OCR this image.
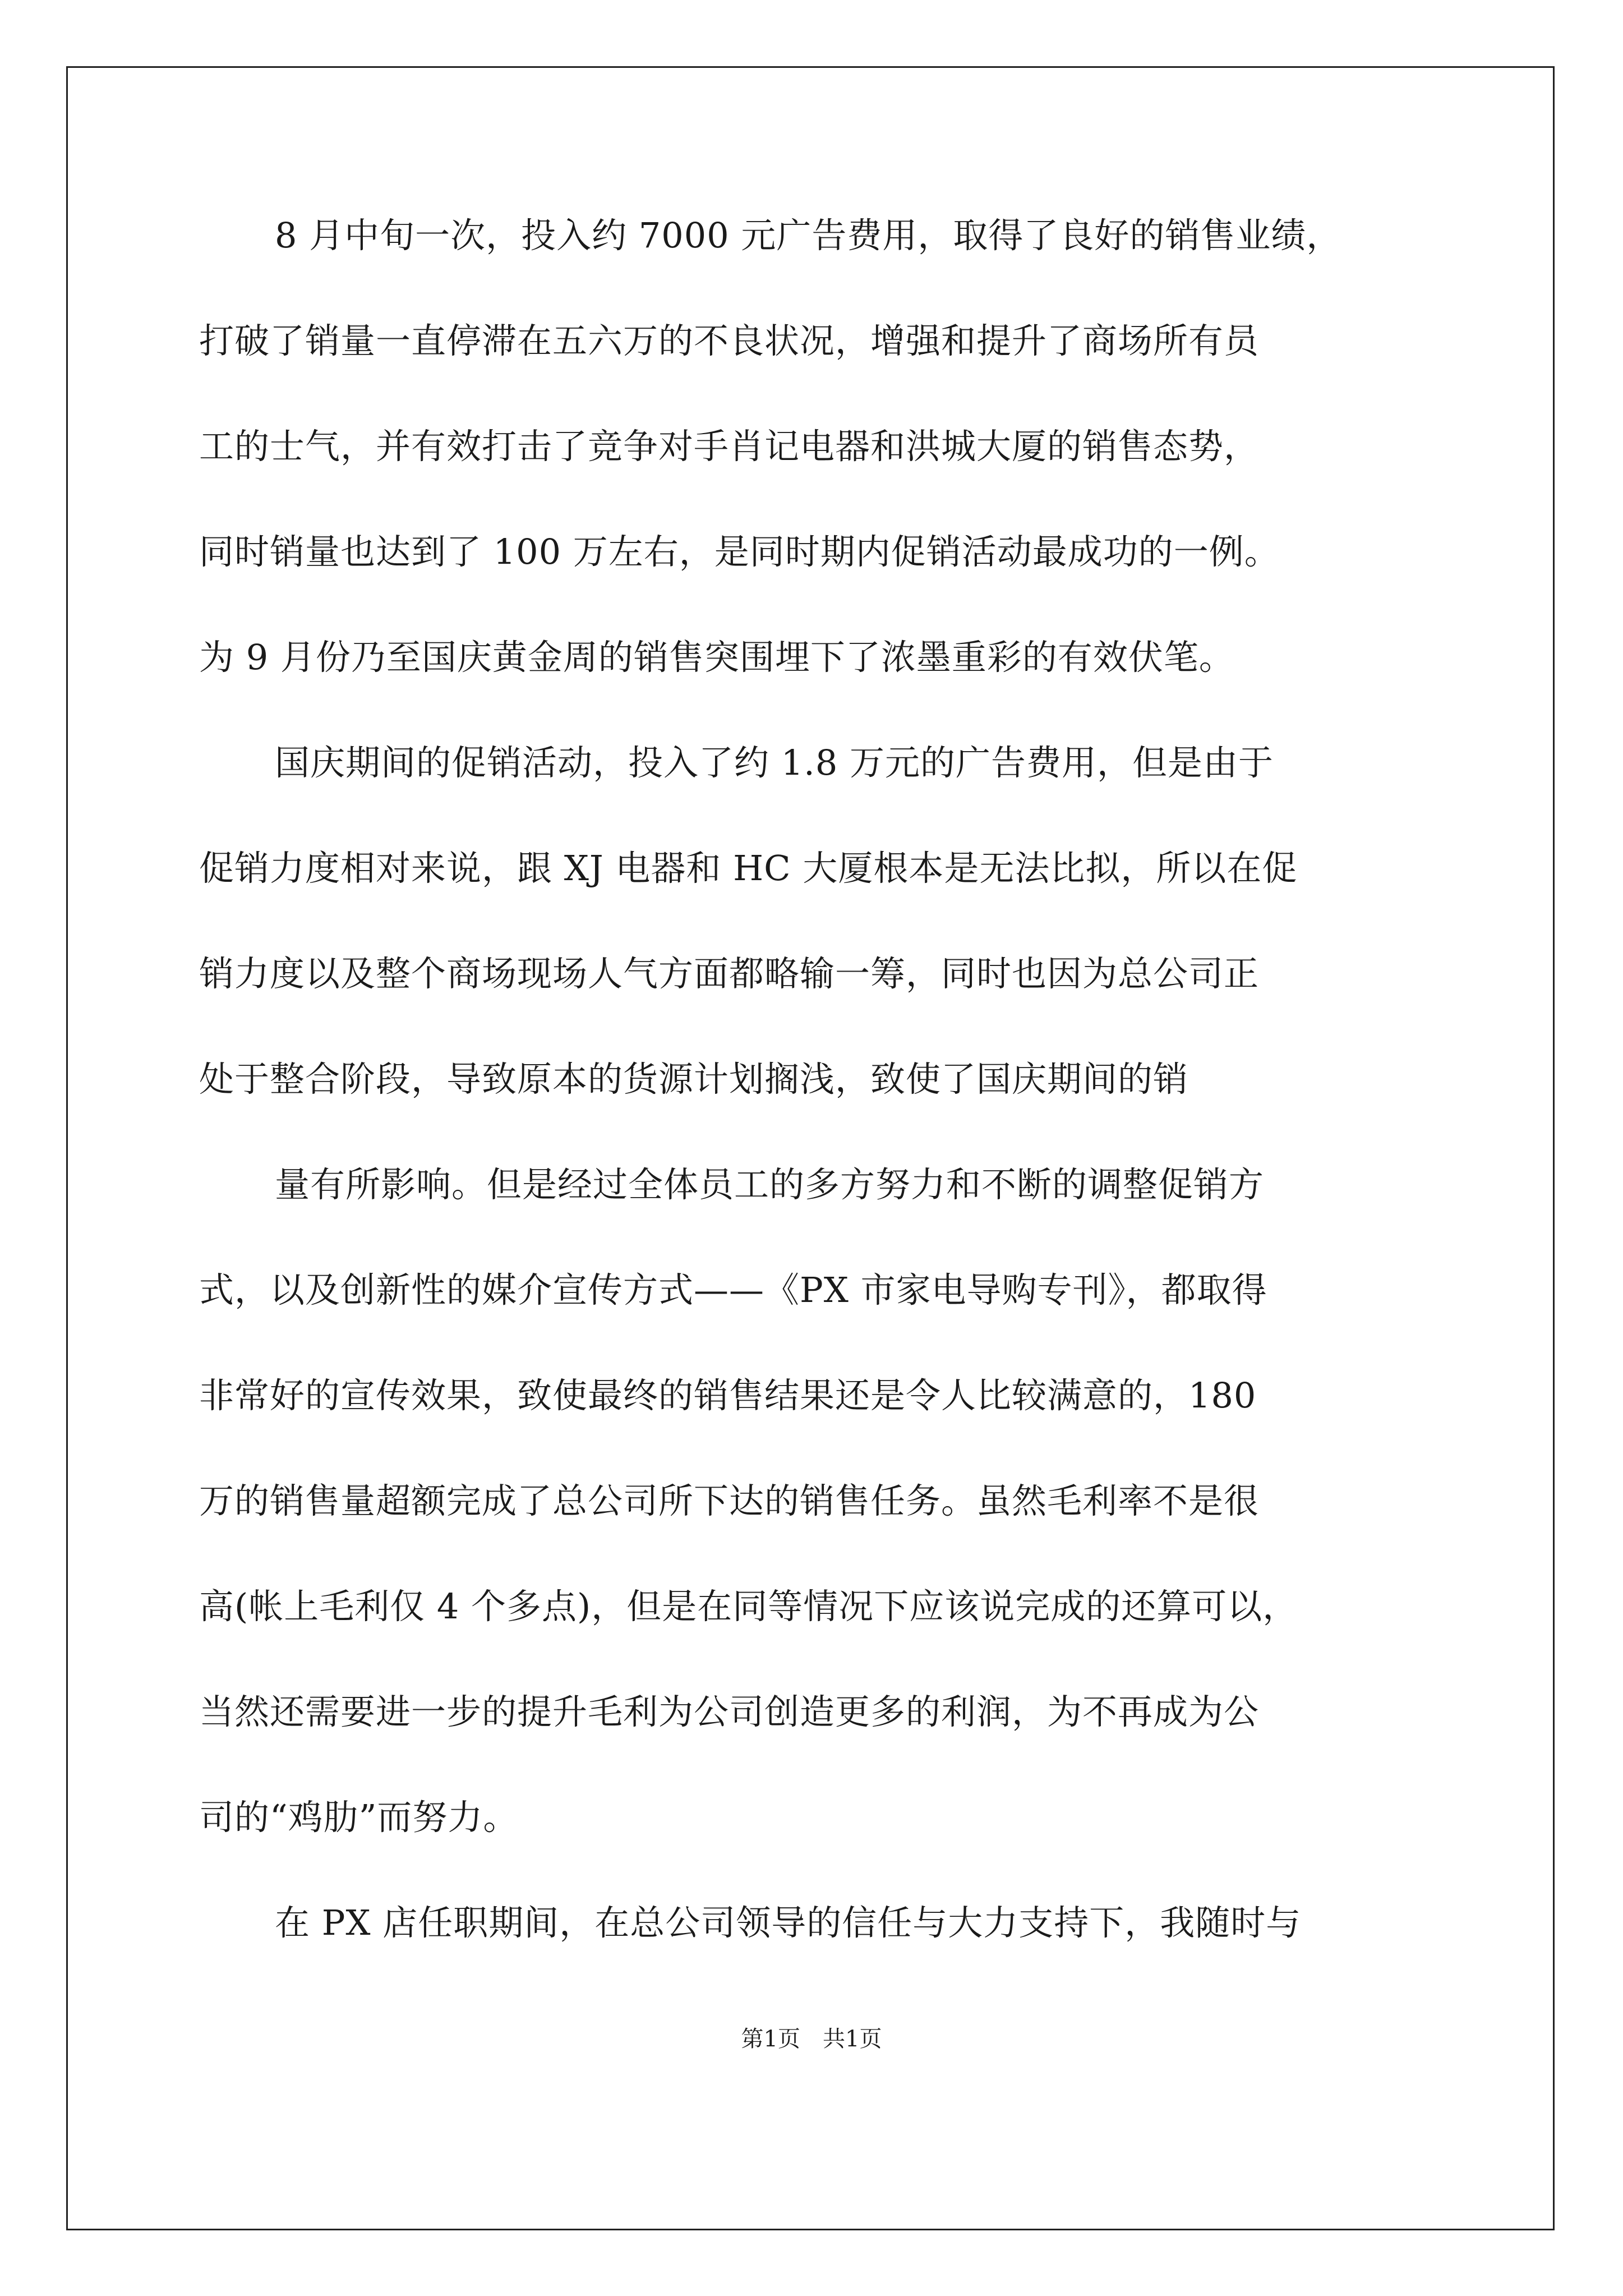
8 月中旬一次，投入约 7000 元广告费用，取得了良好的销售业绩，
打破了销量一直停滞在五六万的不良状况，增强和提升了商场所有员
工的士气，并有效打击了竞争对手肖记电器和洪城大厦的销售态势，
同时销量也达到了 100 万左右，是同时期内促销活动最成功的一例。
为 9 月份乃至国庆黄金周的销售突围埋下了浓墨重彩的有效伏笔。
国庆期间的促销活动，投入了约 1.8 万元的广告费用，但是由于
促销力度相对来说，跟 XJ 电器和 HC 大厦根本是无法比拟，所以在促
销力度以及整个商场现场人气方面都略输一筹，同时也因为总公司正
处于整合阶段，导致原本的货源计划搁浅，致使了国庆期间的销
量有所影响。但是经过全体员工的多方努力和不断的调整促销方
式，以及创新性的媒介宣传方式——《PX 市家电导购专刊》，都取得
非常好的宣传效果，致使最终的销售结果还是令人比较满意的，180
万的销售量超额完成了总公司所下达的销售任务。虽然毛利率不是很
高(帐上毛利仅 4 个多点)，但是在同等情况下应该说完成的还算可以，
当然还需要进一步的提升毛利为公司创造更多的利润，为不再成为公
司的“鸡肋”而努力。
在 PX 店任职期间，在总公司领导的信任与大力支持下，我随时与
第1页 共1页
